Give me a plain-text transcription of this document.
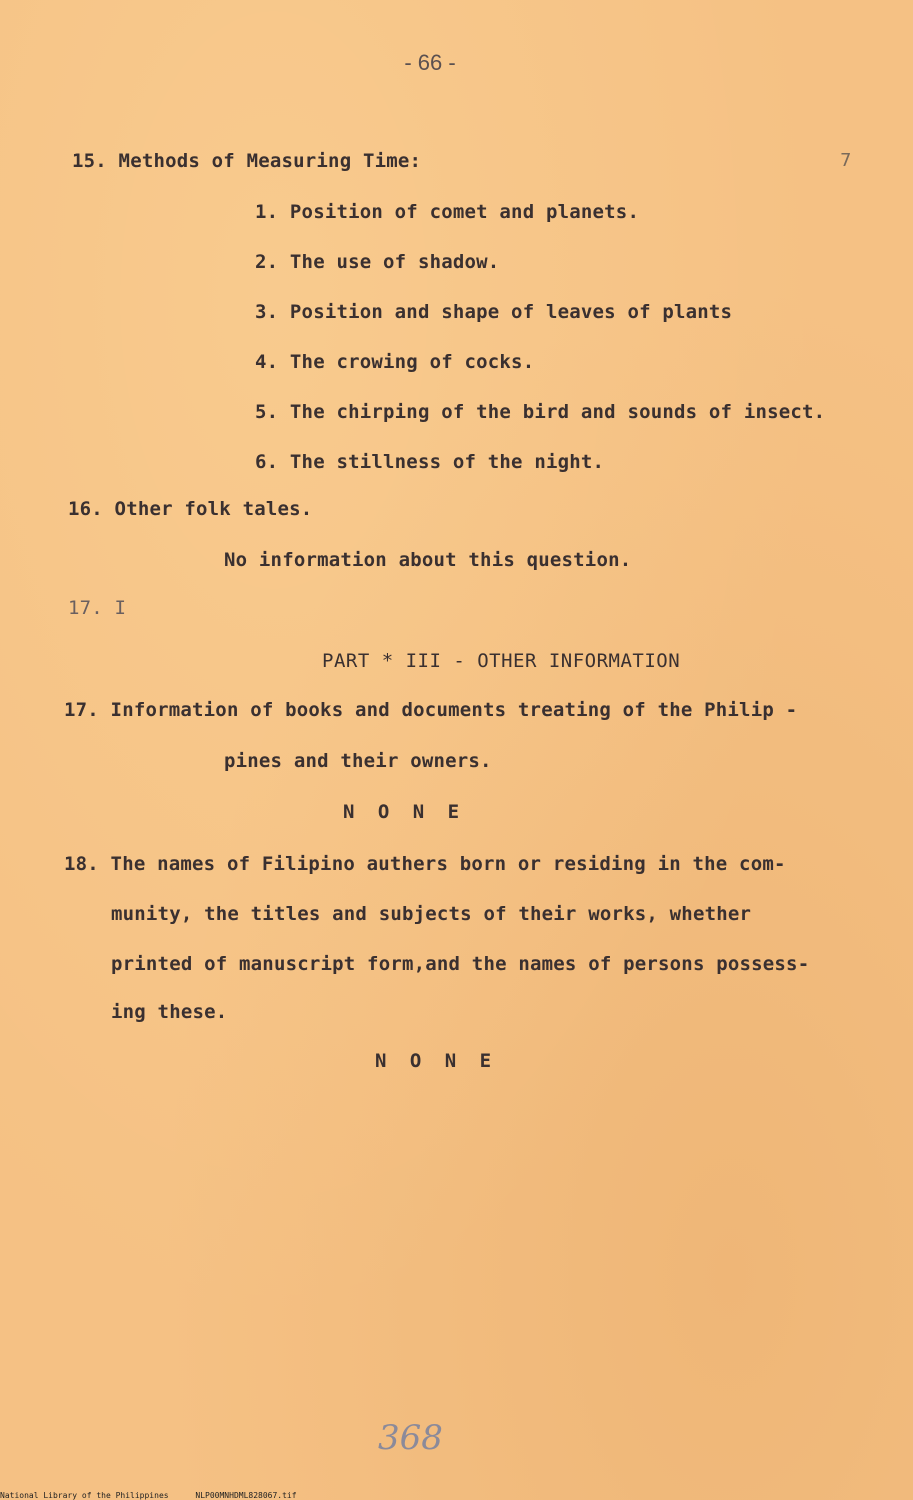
- 66 -
7
15. Methods of Measuring Time:
1. Position of comet and planets.
2. The use of shadow.
3. Position and shape of leaves of plants
4. The crowing of cocks.
5. The chirping of the bird and sounds of insect.
6. The stillness of the night.
16. Other folk tales.
No information about this question.
17. I
PART * III - OTHER INFORMATION
17. Information of books and documents treating of the Philip -
pines and their owners.
N O N E
18. The names of Filipino authers born or residing in the com-
munity, the titles and subjects of their works, whether
printed of manuscript form,and the names of persons possess-
ing these.
N O N E
368
National Library of the Philippines	NLP00MNHDML828067.tif
